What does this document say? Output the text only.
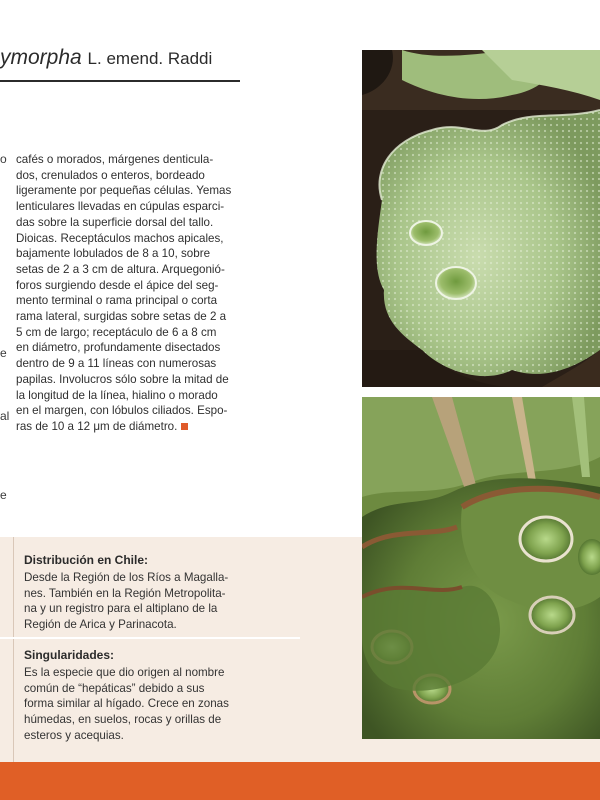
ymorpha L. emend. Raddi
o
e
al
e

cafés o morados, márgenes denticula-

dos, crenulados o enteros, bordeado

ligeramente por pequeñas células. Yemas

lenticulares llevadas en cúpulas esparci-

das sobre la superficie dorsal del tallo.

Dioicas. Receptáculos machos apicales,

bajamente lobulados de 8 a 10, sobre

setas de 2 a 3 cm de altura. Arquegonió-

foros surgiendo desde el ápice del seg-

mento terminal o rama principal o corta

rama lateral, surgidas sobre setas de 2 a

5 cm de largo; receptáculo de 6 a 8 cm

en diámetro, profundamente disectados

dentro de 9 a 11 líneas con numerosas

papilas. Involucros sólo sobre la mitad de

la longitud de la línea, hialino o morado

en el margen, con lóbulos ciliados. Espo-

ras de 10 a 12 μm de diámetro.

Distribución en Chile:

Desde la Región de los Ríos a Magalla-

nes. También en la Región Metropolita-

na y un registro para el altiplano de la

Región de Arica y Parinacota.

Singularidades:

Es la especie que dio origen al nombre

común de “hepáticas” debido a sus

forma similar al hígado. Crece en zonas

húmedas, en suelos, rocas y orillas de

esteros y acequias.
